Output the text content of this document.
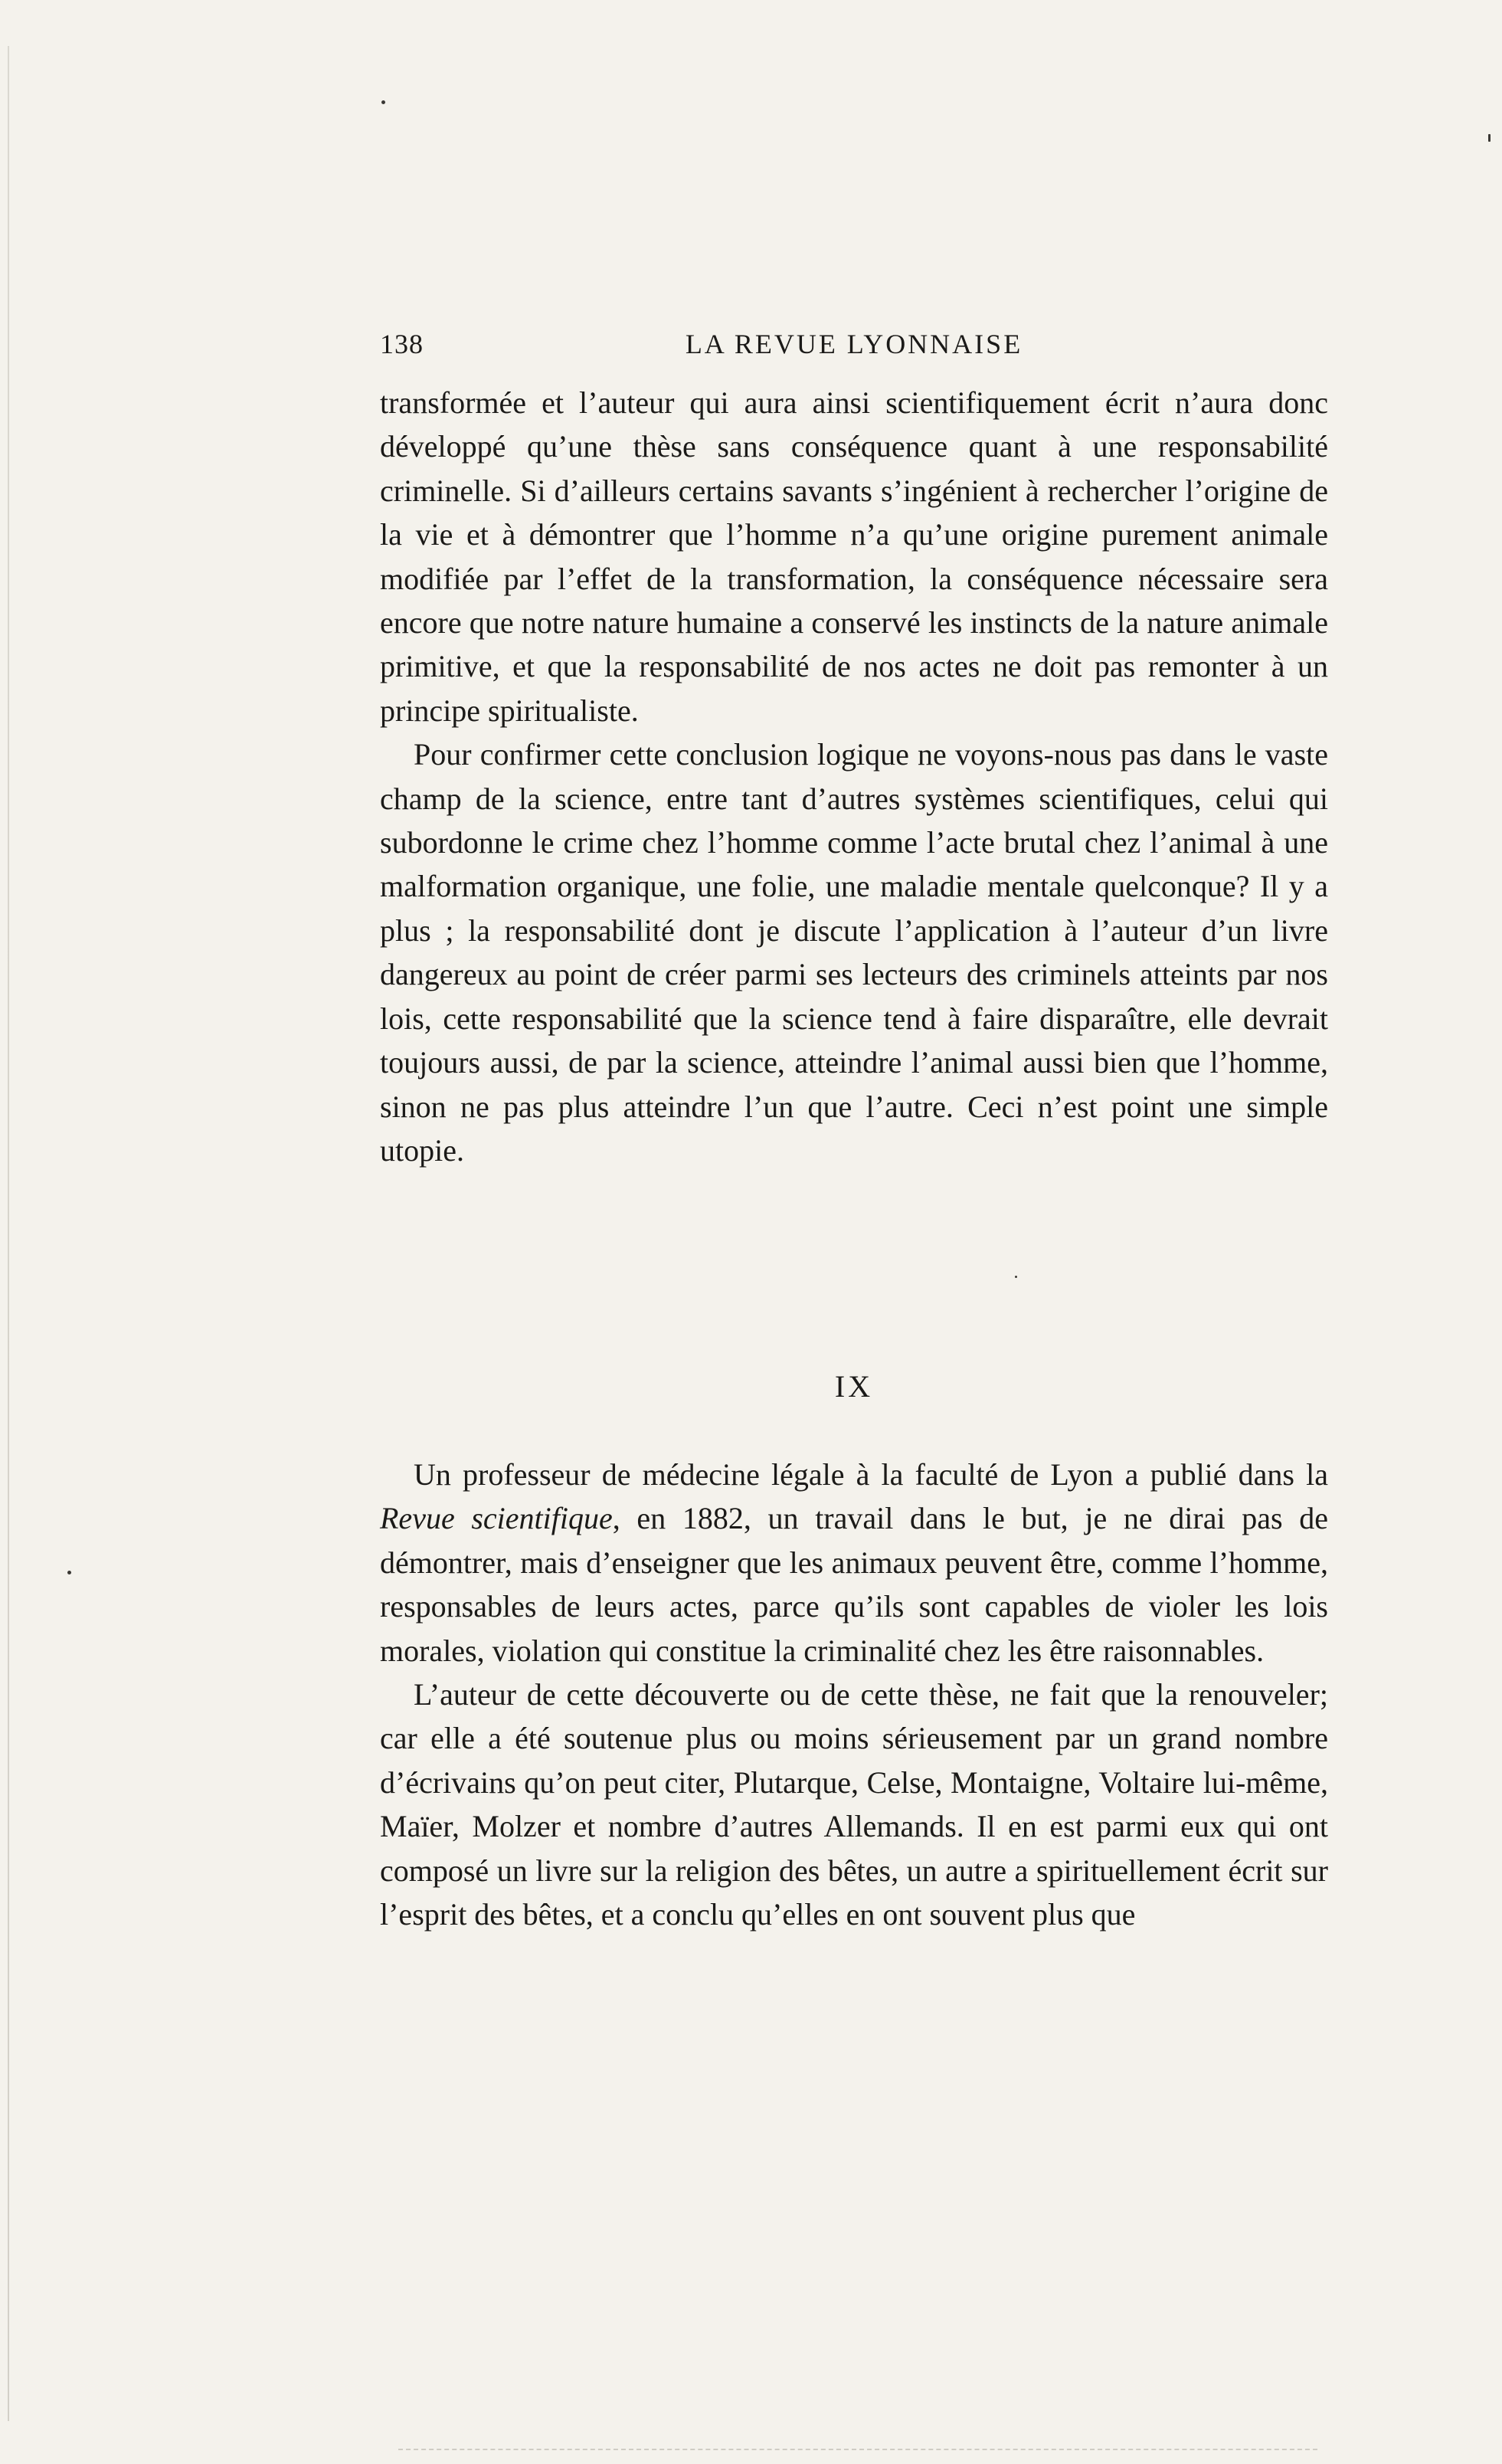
138	LA REVUE LYONNAISE

transformée et l’auteur qui aura ainsi scientifiquement écrit n’aura donc développé qu’une thèse sans conséquence quant à une responsabilité criminelle. Si d’ailleurs certains savants s’ingénient à rechercher l’origine de la vie et à démontrer que l’homme n’a qu’une origine purement animale modifiée par l’effet de la transformation, la conséquence nécessaire sera encore que notre nature humaine a conservé les instincts de la nature animale primitive, et que la responsabilité de nos actes ne doit pas remonter à un principe spiritualiste.

Pour confirmer cette conclusion logique ne voyons-nous pas dans le vaste champ de la science, entre tant d’autres systèmes scientifiques, celui qui subordonne le crime chez l’homme comme l’acte brutal chez l’animal à une malformation organique, une folie, une maladie mentale quelconque? Il y a plus ; la responsabilité dont je discute l’application à l’auteur d’un livre dangereux au point de créer parmi ses lecteurs des criminels atteints par nos lois, cette responsabilité que la science tend à faire disparaître, elle devrait toujours aussi, de par la science, atteindre l’animal aussi bien que l’homme, sinon ne pas plus atteindre l’un que l’autre. Ceci n’est point une simple utopie.

IX

Un professeur de médecine légale à la faculté de Lyon a publié dans la Revue scientifique, en 1882, un travail dans le but, je ne dirai pas de démontrer, mais d’enseigner que les animaux peuvent être, comme l’homme, responsables de leurs actes, parce qu’ils sont capables de violer les lois morales, violation qui constitue la criminalité chez les être raisonnables.

L’auteur de cette découverte ou de cette thèse, ne fait que la renouveler; car elle a été soutenue plus ou moins sérieusement par un grand nombre d’écrivains qu’on peut citer, Plutarque, Celse, Montaigne, Voltaire lui-même, Maïer, Molzer et nombre d’autres Allemands. Il en est parmi eux qui ont composé un livre sur la religion des bêtes, un autre a spirituellement écrit sur l’esprit des bêtes, et a conclu qu’elles en ont souvent plus que
